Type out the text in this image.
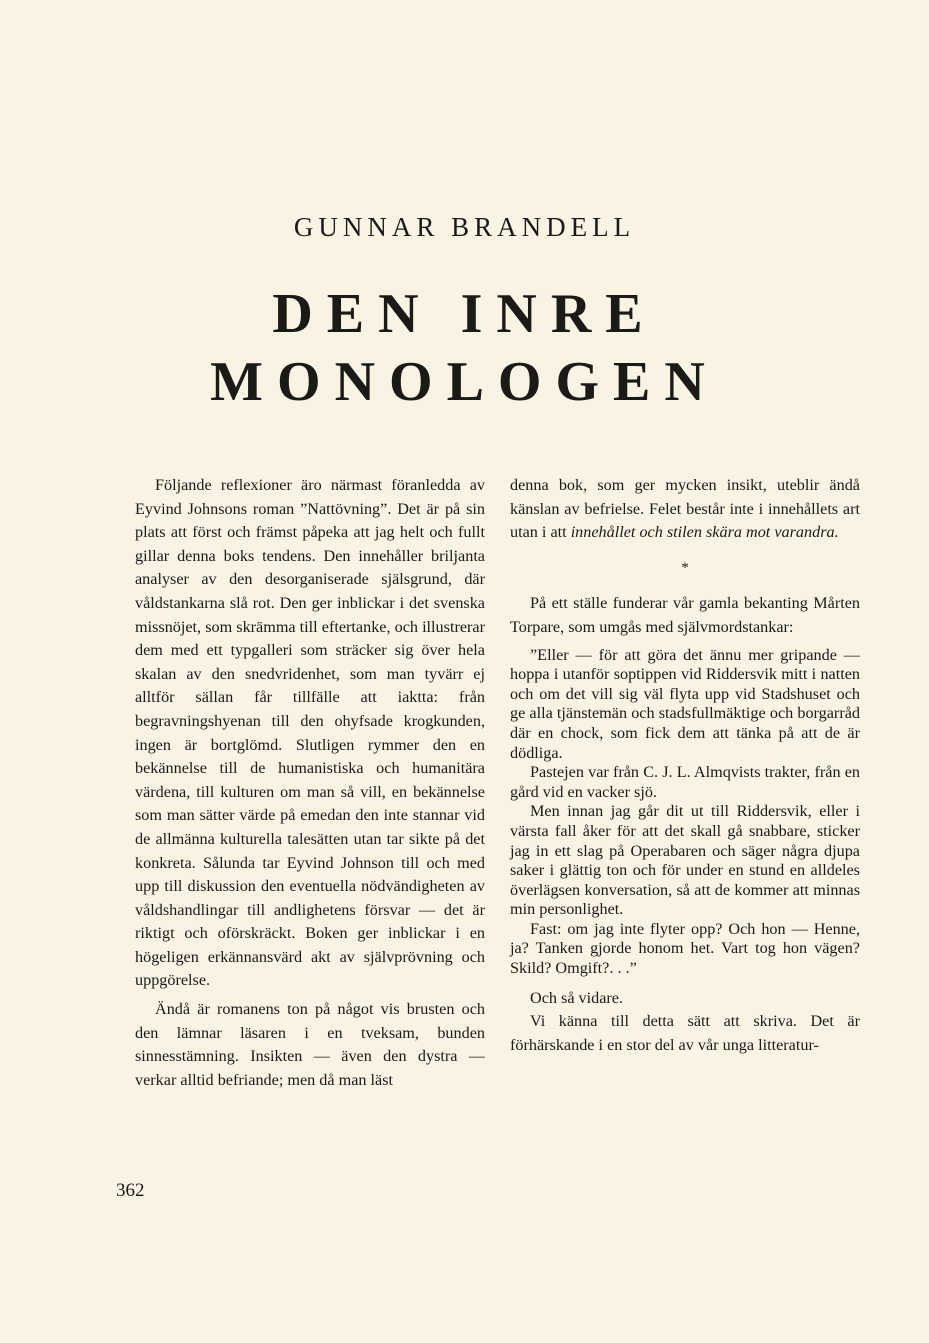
GUNNAR BRANDELL
DEN INRE
MONOLOGEN

Följande reflexioner äro närmast föranledda av Eyvind Johnsons roman ”Nattövning”. Det är på sin plats att först och främst påpeka att jag helt och fullt gillar denna boks tendens. Den innehåller briljanta analyser av den desorganiserade själsgrund, där våldstankarna slå rot. Den ger inblickar i det svenska missnöjet, som skrämma till eftertanke, och illustrerar dem med ett typgalleri som sträcker sig över hela skalan av den snedvridenhet, som man tyvärr ej alltför sällan får tillfälle att iaktta: från begravningshyenan till den ohyfsade krogkunden, ingen är bortglömd. Slutligen rymmer den en bekännelse till de humanistiska och humanitära värdena, till kulturen om man så vill, en bekännelse som man sätter värde på emedan den inte stannar vid de allmänna kulturella talesätten utan tar sikte på det konkreta. Sålunda tar Eyvind Johnson till och med upp till diskussion den eventuella nödvändigheten av våldshandlingar till andlighetens försvar — det är riktigt och oförskräckt. Boken ger inblickar i en högeligen erkännansvärd akt av självprövning och uppgörelse.

Ändå är romanens ton på något vis brusten och den lämnar läsaren i en tveksam, bunden sinnesstämning. Insikten — även den dystra — verkar alltid befriande; men då man läst

denna bok, som ger mycken insikt, uteblir ändå känslan av befrielse. Felet består inte i innehållets art utan i att innehållet och stilen skära mot varandra.

*

På ett ställe funderar vår gamla bekanting Mårten Torpare, som umgås med självmordstankar:

”Eller — för att göra det ännu mer gripande — hoppa i utanför soptippen vid Riddersvik mitt i natten och om det vill sig väl flyta upp vid Stadshuset och ge alla tjänstemän och stadsfullmäktige och borgarråd där en chock, som fick dem att tänka på att de är dödliga.

Pastejen var från C. J. L. Almqvists trakter, från en gård vid en vacker sjö.

Men innan jag går dit ut till Riddersvik, eller i värsta fall åker för att det skall gå snabbare, sticker jag in ett slag på Operabaren och säger några djupa saker i glättig ton och för under en stund en alldeles överlägsen konversation, så att de kommer att minnas min personlighet.

Fast: om jag inte flyter opp? Och hon — Henne, ja? Tanken gjorde honom het. Vart tog hon vägen? Skild? Omgift?. . .”

Och så vidare.

Vi känna till detta sätt att skriva. Det är förhärskande i en stor del av vår unga litteratur-

362
